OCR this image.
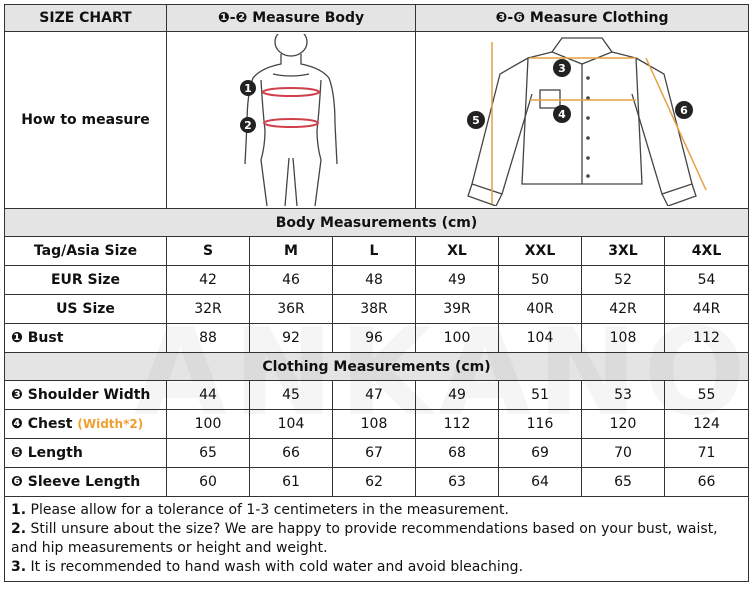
SIZE CHART	❶-❷ Measure Body			❸-❻ Measure Clothing			
How to measure	1
2			3
4
5
6			

Body Measurements (cm)							
Tag/Asia Size	S	M	L	XL	XXL	3XL	4XL
EUR Size	42	46	48	49	50	52	54
US Size	32R	36R	38R	39R	40R	42R	44R
❶ Bust	88	92	96	100	104	108	112
Clothing Measurements (cm)							
❸ Shoulder Width	44	45	47	49	51	53	55
❹ Chest (Width*2)	100	104	108	112	116	120	124
❺ Length	65	66	67	68	69	70	71
❻ Sleeve Length	60	61	62	63	64	65	66

1. Please allow for a tolerance of 1-3 centimeters in the measurement.
2. Still unsure about the size? We are happy to provide recommendations based on your bust, waist, and hip measurements or height and weight.
3. It is recommended to hand wash with cold water and avoid bleaching.							
